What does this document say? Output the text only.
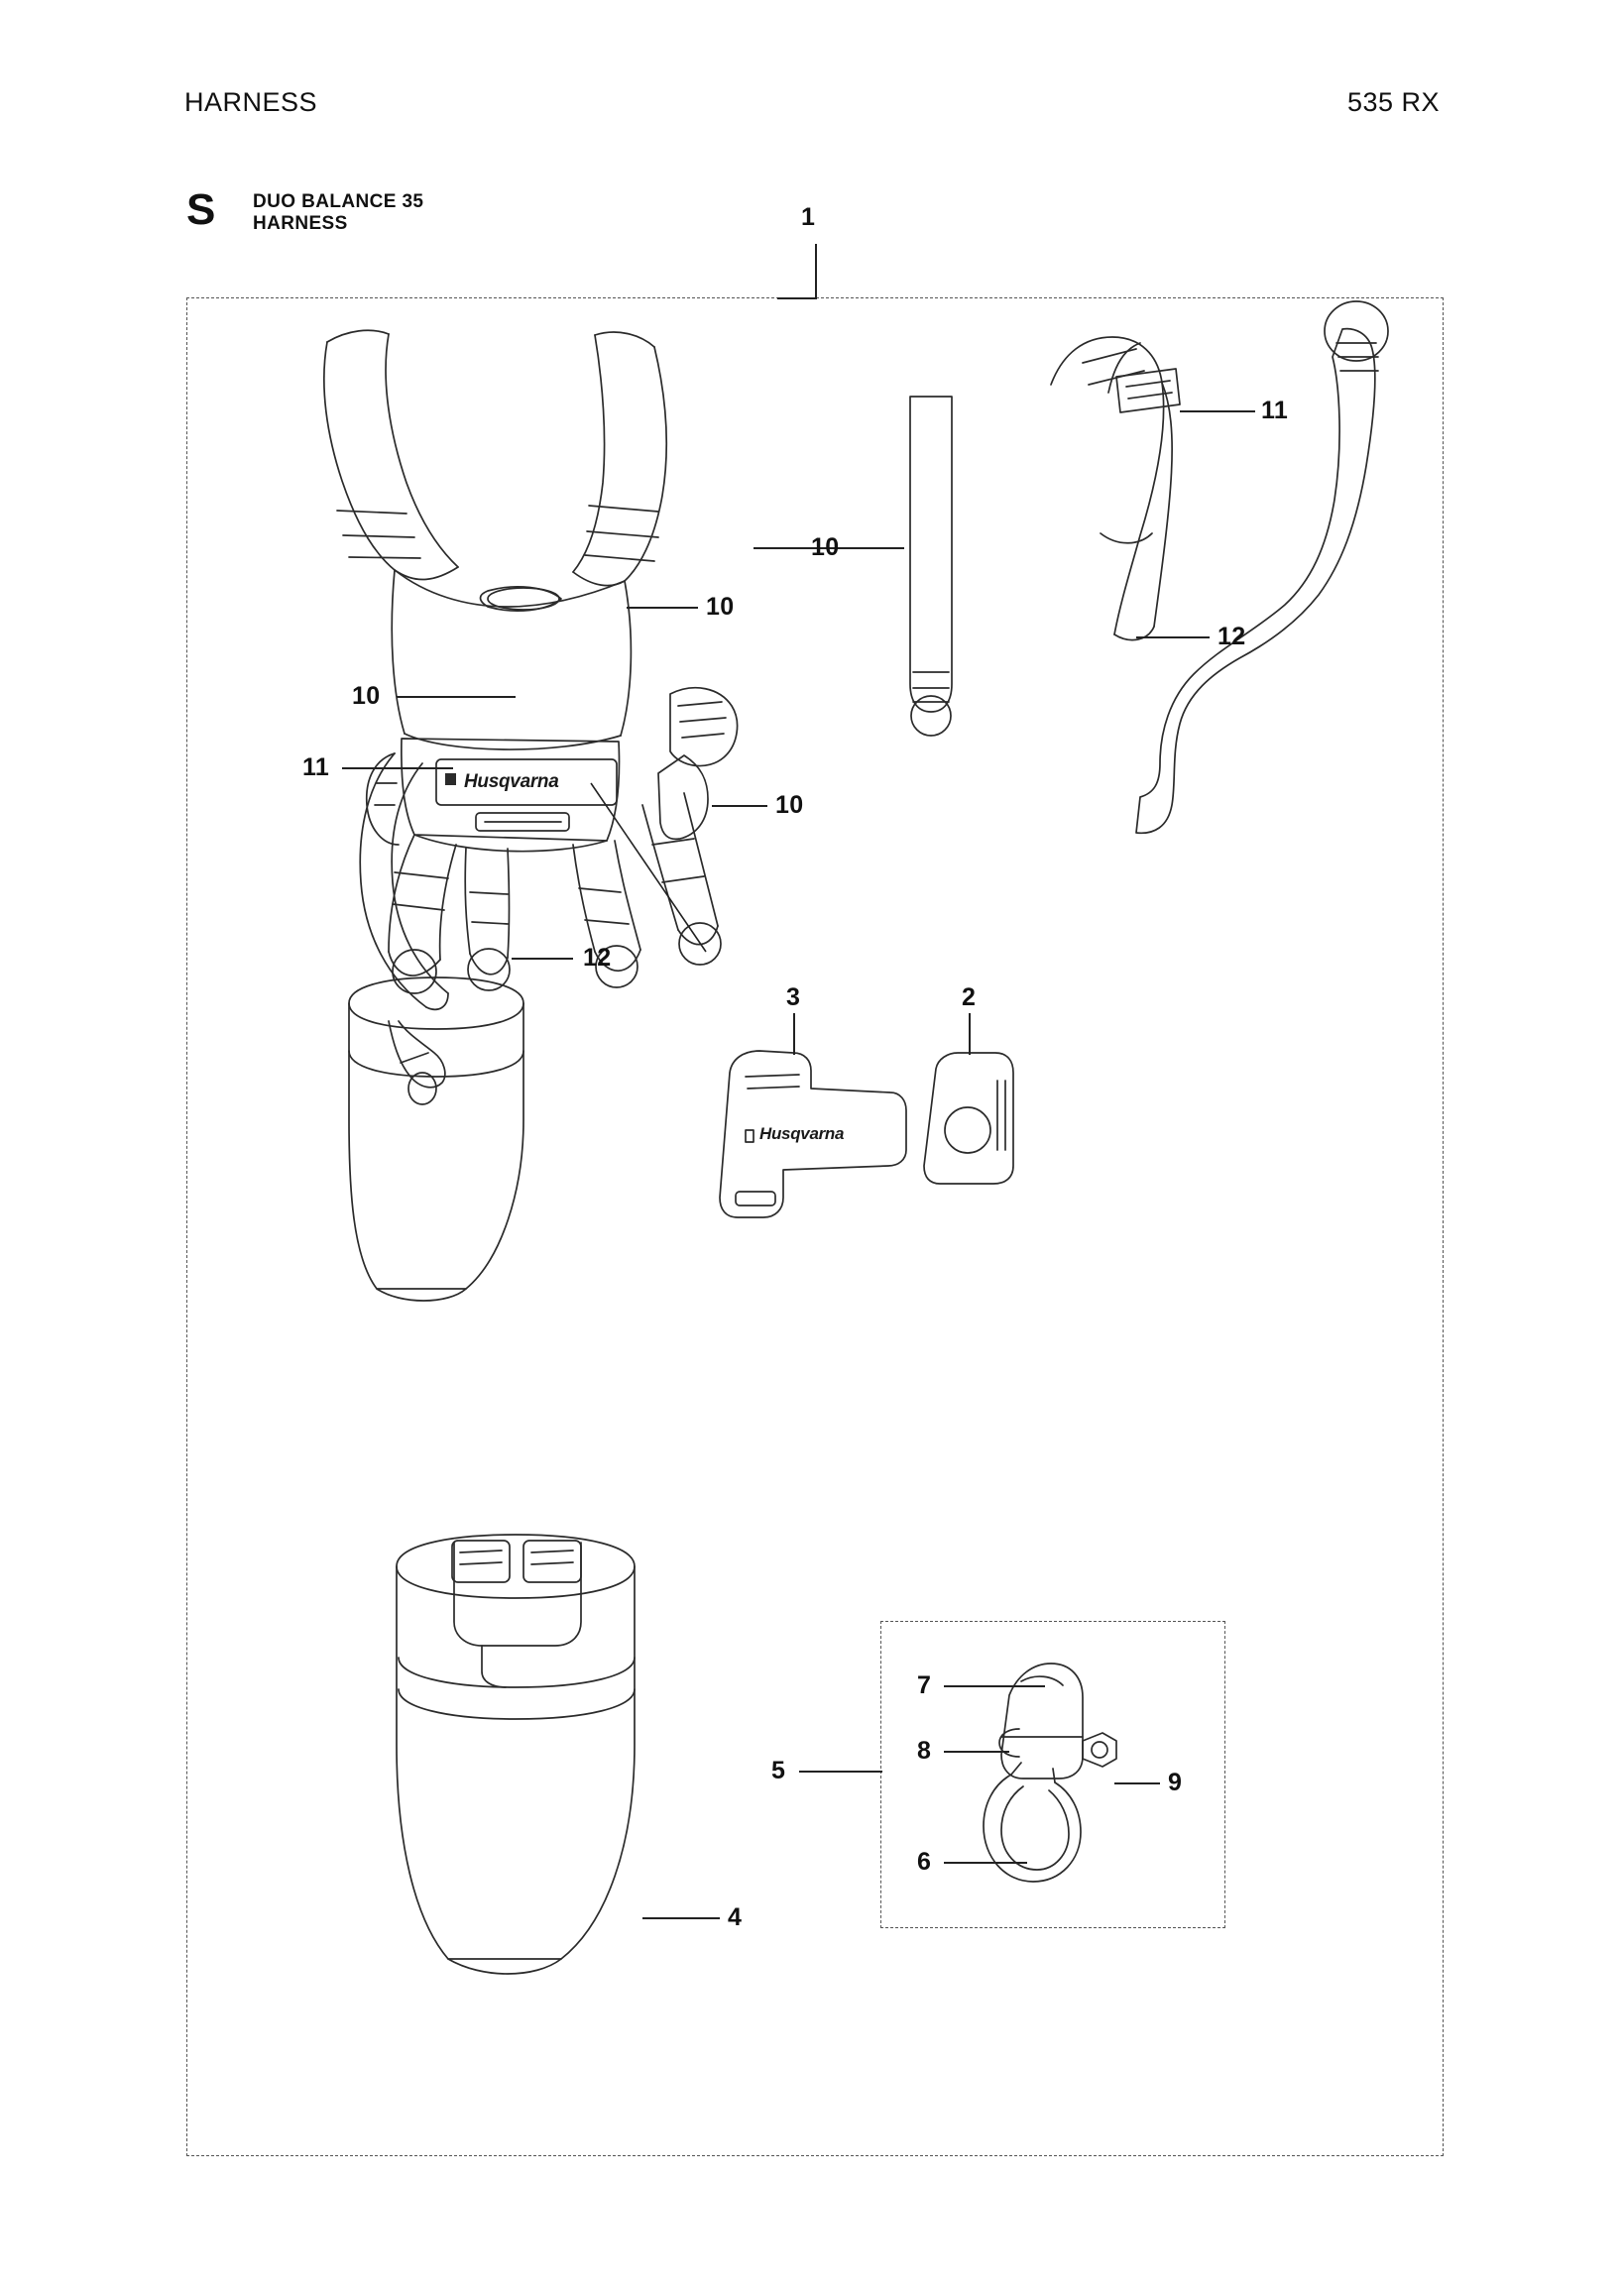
HARNESS	535 RX
S DUO BALANCE 35
HARNESS
Husqvarna
Husqvarna
1
10
11
12
10
10
11
10
12
3	2
5
7
8
9
6
4
